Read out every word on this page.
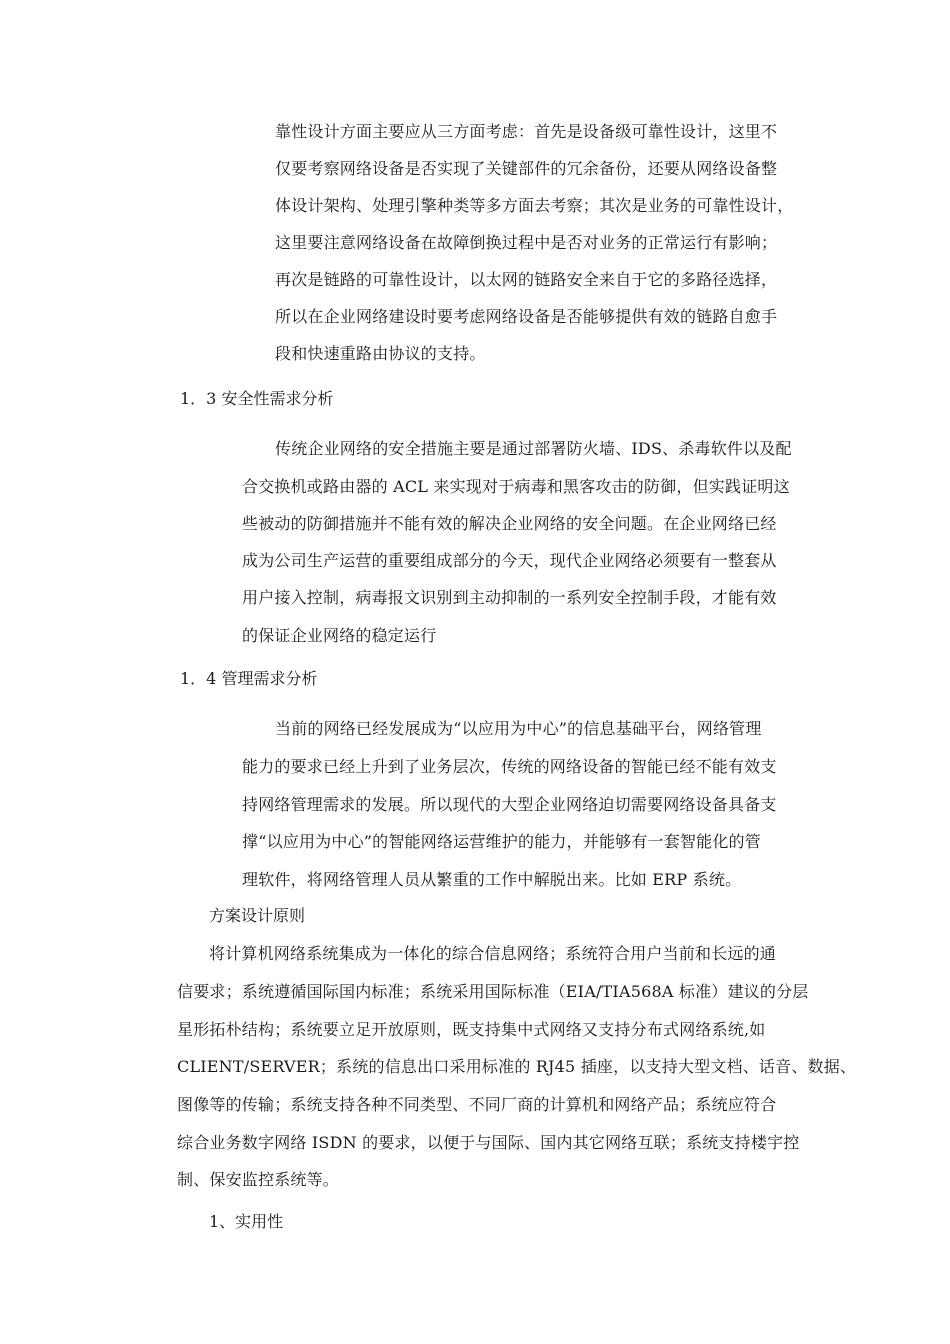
靠性设计方面主要应从三方面考虑：首先是设备级可靠性设计，这里不
仅要考察网络设备是否实现了关键部件的冗余备份，还要从网络设备整
体设计架构、处理引擎种类等多方面去考察；其次是业务的可靠性设计，
这里要注意网络设备在故障倒换过程中是否对业务的正常运行有影响；
再次是链路的可靠性设计，以太网的链路安全来自于它的多路径选择，
所以在企业网络建设时要考虑网络设备是否能够提供有效的链路自愈手
段和快速重路由协议的支持。
1．3 安全性需求分析
传统企业网络的安全措施主要是通过部署防火墙、IDS、杀毒软件以及配
合交换机或路由器的 ACL 来实现对于病毒和黑客攻击的防御，但实践证明这
些被动的防御措施并不能有效的解决企业网络的安全问题。在企业网络已经
成为公司生产运营的重要组成部分的今天，现代企业网络必须要有一整套从
用户接入控制，病毒报文识别到主动抑制的一系列安全控制手段，才能有效
的保证企业网络的稳定运行
1．4 管理需求分析
当前的网络已经发展成为“以应用为中心”的信息基础平台，网络管理
能力的要求已经上升到了业务层次，传统的网络设备的智能已经不能有效支
持网络管理需求的发展。所以现代的大型企业网络迫切需要网络设备具备支
撑“以应用为中心”的智能网络运营维护的能力，并能够有一套智能化的管
理软件，将网络管理人员从繁重的工作中解脱出来。比如 ERP 系统。
方案设计原则
将计算机网络系统集成为一体化的综合信息网络；系统符合用户当前和长远的通
信要求；系统遵循国际国内标准；系统采用国际标准（EIA/TIA568A 标准）建议的分层
星形拓朴结构；系统要立足开放原则，既支持集中式网络又支持分布式网络系统,如
CLIENT/SERVER；系统的信息出口采用标准的 RJ45 插座，以支持大型文档、话音、数据、
图像等的传输；系统支持各种不同类型、不同厂商的计算机和网络产品；系统应符合
综合业务数字网络 ISDN 的要求，以便于与国际、国内其它网络互联；系统支持楼宇控
制、保安监控系统等。
1、实用性
